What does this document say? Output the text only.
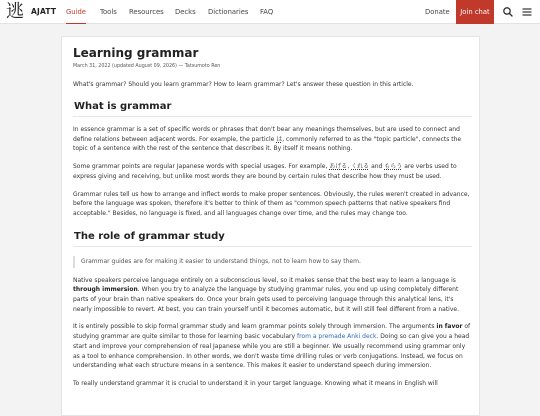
逃 AJATT Guide Tools Resources Decks Dictionaries FAQ	Donate	Join chat
Learning grammar
March 31, 2022 (updated August 09, 2026) — Tatsumoto Ren
What's grammar? Should you learn grammar? How to learn grammar? Let's answer these question in this article.
What is grammar

In essence grammar is a set of specific words or phrases that don't bear any meanings themselves, but are used to connect and define relations between adjacent words. For example, the particle は, commonly referred to as the "topic particle", connects the topic of a sentence with the rest of the sentence that describes it. By itself it means nothing.

Some grammar points are regular Japanese words with special usages. For example, あげる, くれる and もらう are verbs used to express giving and receiving, but unlike most words they are bound by certain rules that describe how they must be used.

Grammar rules tell us how to arrange and inflect words to make proper sentences. Obviously, the rules weren't created in advance, before the language was spoken, therefore it's better to think of them as "common speech patterns that native speakers find acceptable." Besides, no language is fixed, and all languages change over time, and the rules may change too.

The role of grammar study
Grammar guides are for making it easier to understand things, not to learn how to say them.

Native speakers perceive language entirely on a subconscious level, so it makes sense that the best way to learn a language is through immersion. When you try to analyze the language by studying grammar rules, you end up using completely different parts of your brain than native speakers do. Once your brain gets used to perceiving language through this analytical lens, it's nearly impossible to revert. At best, you can train yourself until it becomes automatic, but it will still feel different from a native.

It is entirely possible to skip formal grammar study and learn grammar points solely through immersion. The arguments in favor of studying grammar are quite similar to those for learning basic vocabulary from a premade Anki deck. Doing so can give you a head start and improve your comprehension of real Japanese while you are still a beginner. We usually recommend using grammar only as a tool to enhance comprehension. In other words, we don't waste time drilling rules or verb conjugations. Instead, we focus on understanding what each structure means in a sentence. This makes it easier to understand speech during immersion.

To really understand grammar it is crucial to understand it in your target language. Knowing what it means in English will
